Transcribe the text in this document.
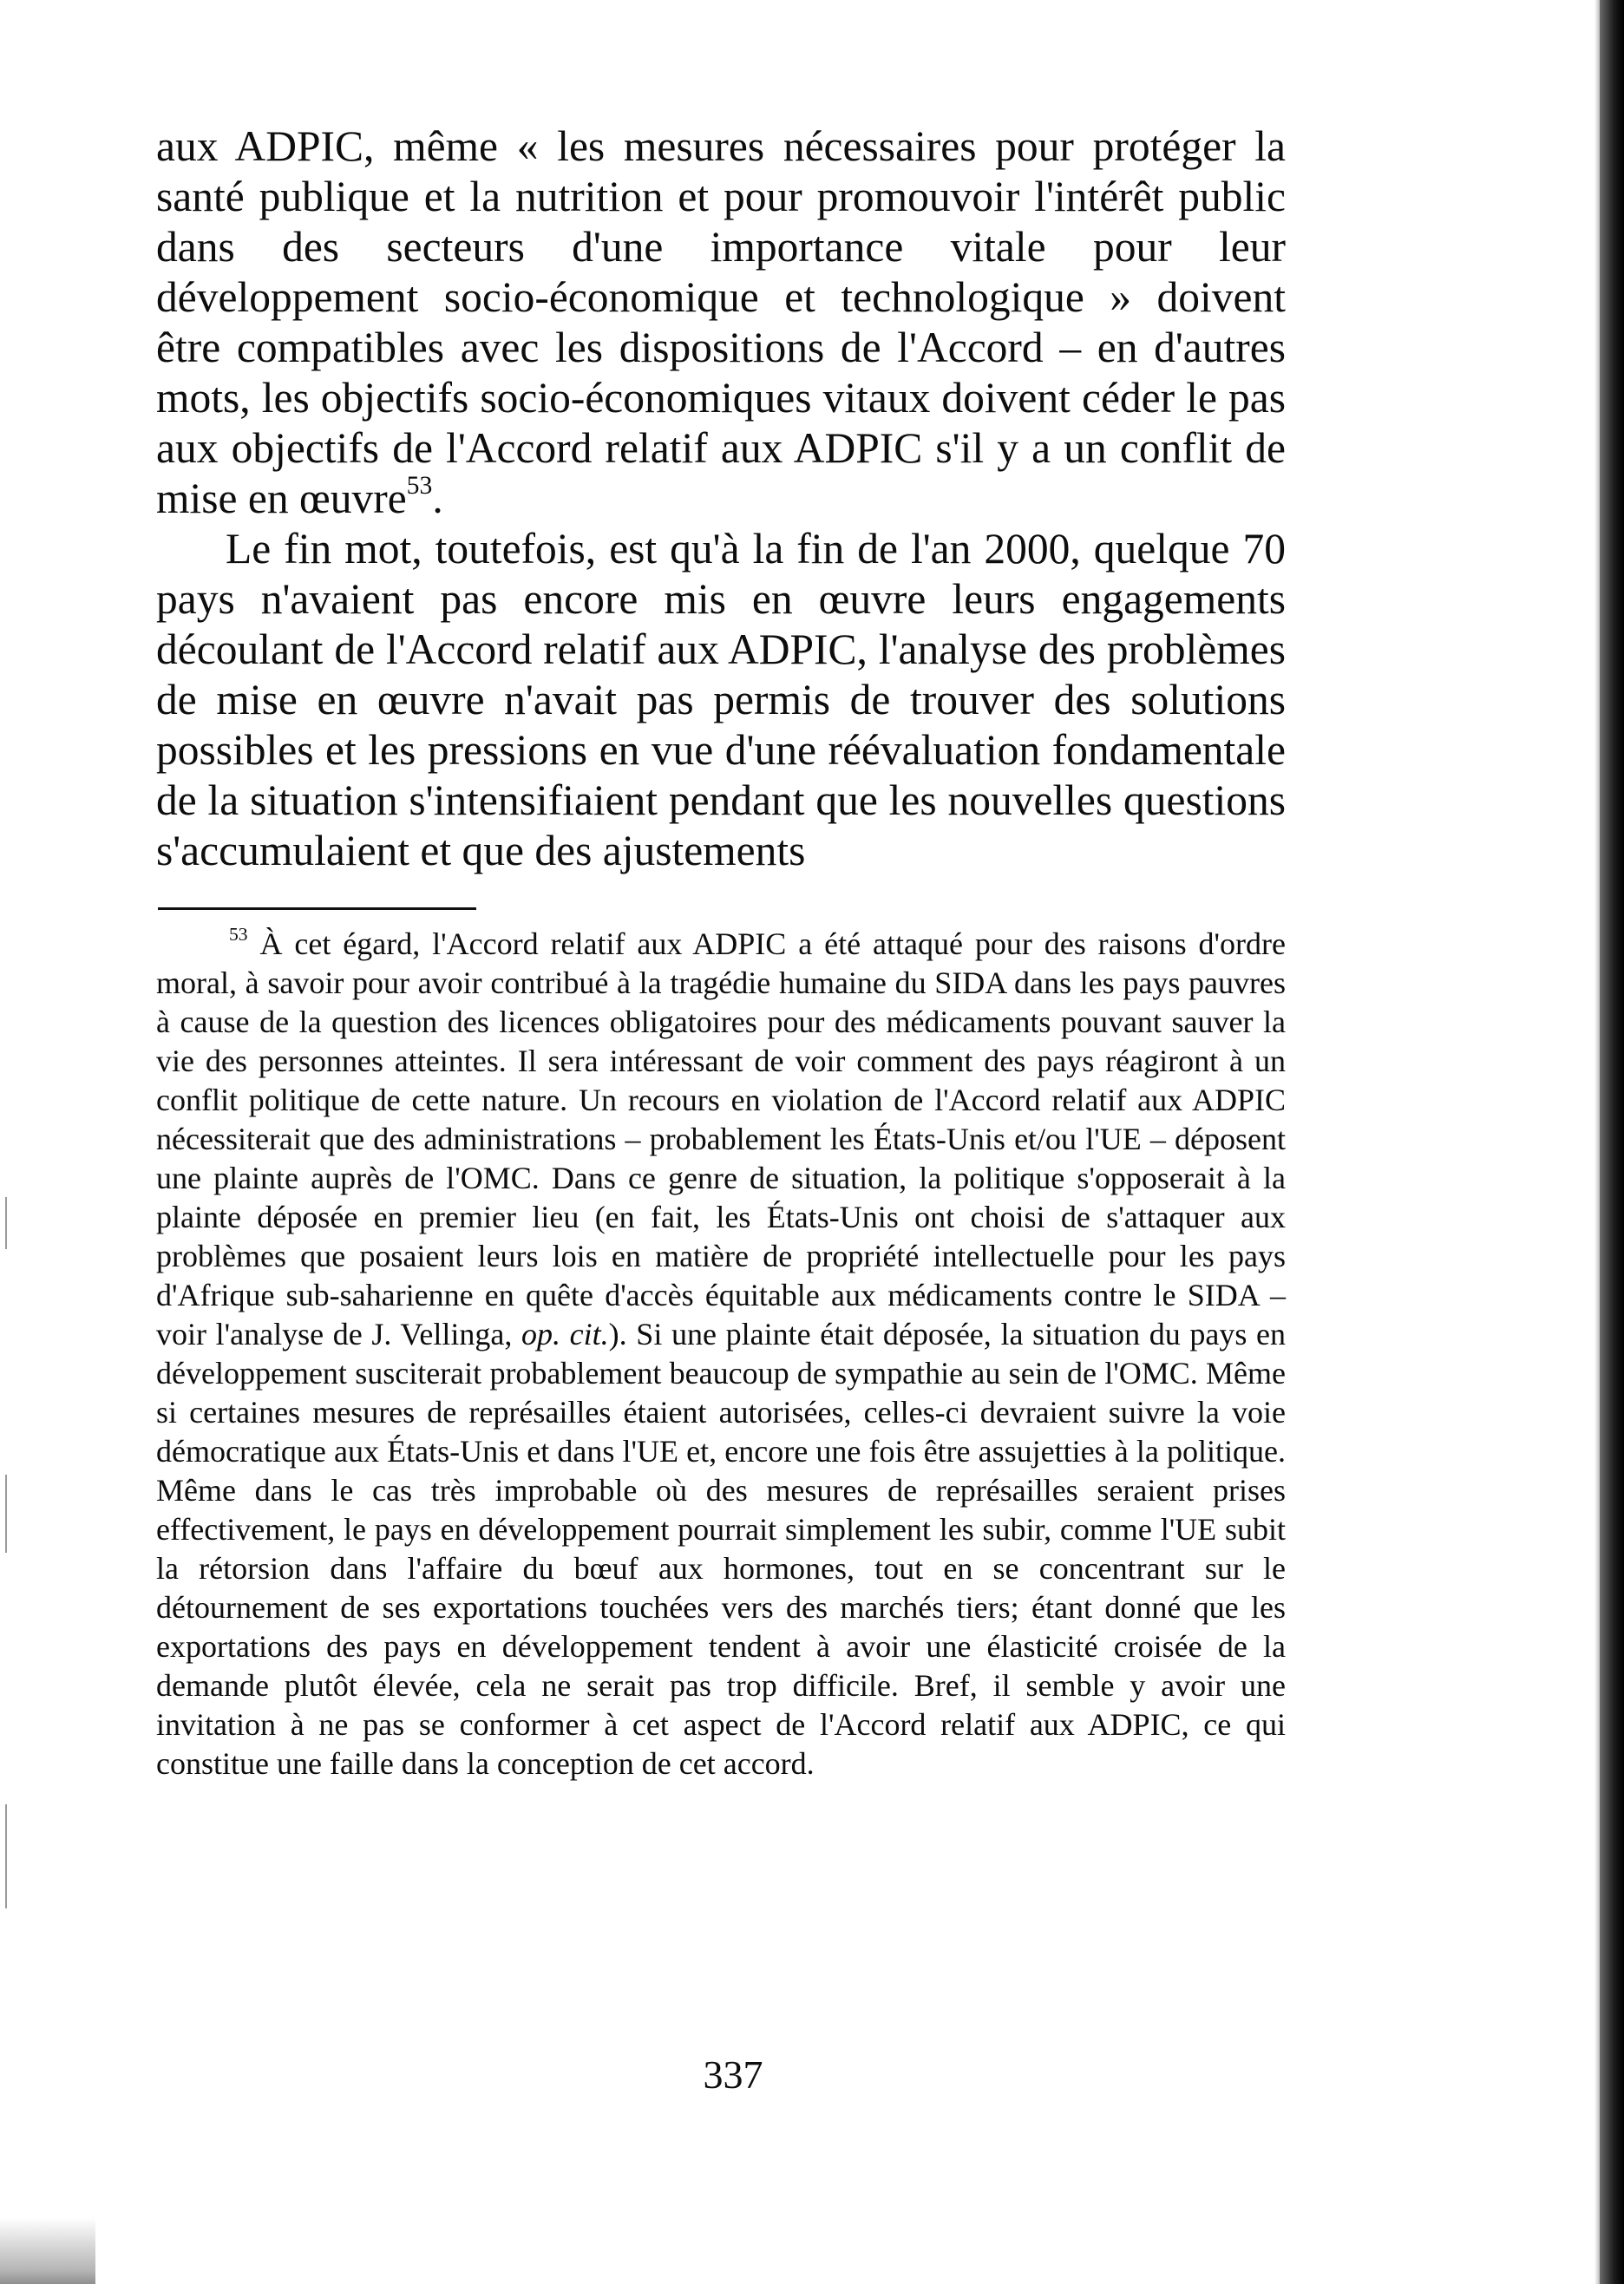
aux ADPIC, même « les mesures nécessaires pour protéger la santé publique et la nutrition et pour promouvoir l'intérêt public dans des secteurs d'une importance vitale pour leur développement socio-économique et technologique » doivent être compatibles avec les dispositions de l'Accord – en d'autres mots, les objectifs socio-économiques vitaux doivent céder le pas aux objectifs de l'Accord relatif aux ADPIC s'il y a un conflit de mise en œuvre$^{53}$.

Le fin mot, toutefois, est qu'à la fin de l'an 2000, quelque 70 pays n'avaient pas encore mis en œuvre leurs engagements découlant de l'Accord relatif aux ADPIC, l'analyse des problèmes de mise en œuvre n'avait pas permis de trouver des solutions possibles et les pressions en vue d'une réévaluation fondamentale de la situation s'intensifiaient pendant que les nouvelles questions s'accumulaient et que des ajustements

$^{53}$ À cet égard, l'Accord relatif aux ADPIC a été attaqué pour des raisons d'ordre moral, à savoir pour avoir contribué à la tragédie humaine du SIDA dans les pays pauvres à cause de la question des licences obligatoires pour des médicaments pouvant sauver la vie des personnes atteintes. Il sera intéressant de voir comment des pays réagiront à un conflit politique de cette nature. Un recours en violation de l'Accord relatif aux ADPIC nécessiterait que des administrations – probablement les États-Unis et/ou l'UE – déposent une plainte auprès de l'OMC. Dans ce genre de situation, la politique s'opposerait à la plainte déposée en premier lieu (en fait, les États-Unis ont choisi de s'attaquer aux problèmes que posaient leurs lois en matière de propriété intellectuelle pour les pays d'Afrique sub-saharienne en quête d'accès équitable aux médicaments contre le SIDA – voir l'analyse de J. Vellinga, op. cit.). Si une plainte était déposée, la situation du pays en développement susciterait probablement beaucoup de sympathie au sein de l'OMC. Même si certaines mesures de représailles étaient autorisées, celles-ci devraient suivre la voie démocratique aux États-Unis et dans l'UE et, encore une fois être assujetties à la politique. Même dans le cas très improbable où des mesures de représailles seraient prises effectivement, le pays en développement pourrait simplement les subir, comme l'UE subit la rétorsion dans l'affaire du bœuf aux hormones, tout en se concentrant sur le détournement de ses exportations touchées vers des marchés tiers; étant donné que les exportations des pays en développement tendent à avoir une élasticité croisée de la demande plutôt élevée, cela ne serait pas trop difficile. Bref, il semble y avoir une invitation à ne pas se conformer à cet aspect de l'Accord relatif aux ADPIC, ce qui constitue une faille dans la conception de cet accord.

337
